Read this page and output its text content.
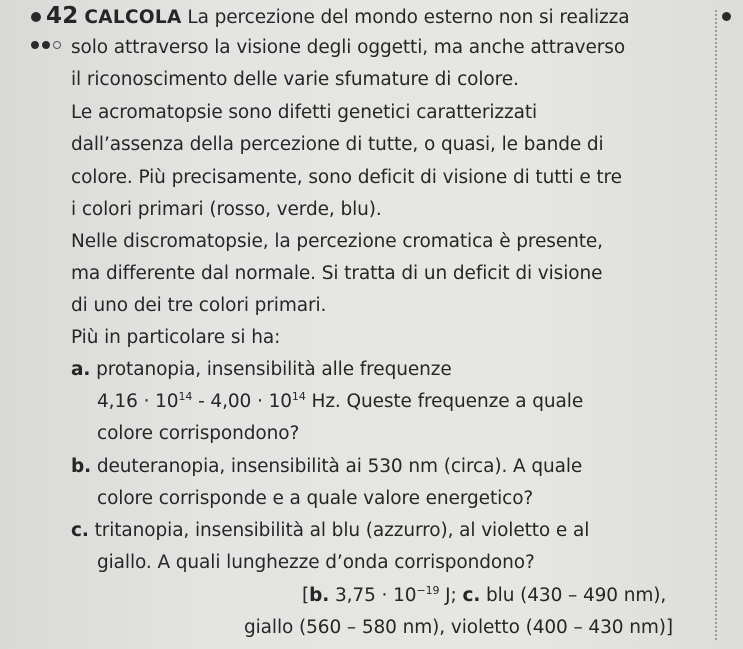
42 CALCOLA La percezione del mondo esterno non si realizza
solo attraverso la visione degli oggetti, ma anche attraverso
il riconoscimento delle varie sfumature di colore.
Le acromatopsie sono difetti genetici caratterizzati
dall’assenza della percezione di tutte, o quasi, le bande di
colore. Più precisamente, sono deficit di visione di tutti e tre
i colori primari (rosso, verde, blu).
Nelle discromatopsie, la percezione cromatica è presente,
ma differente dal normale. Si tratta di un deficit di visione
di uno dei tre colori primari.
Più in particolare si ha:
a. protanopia, insensibilità alle frequenze
$4,16 \cdot 10^{14} - 4,00 \cdot 10^{14}$ Hz. Queste frequenze a quale
colore corrispondono?
b. deuteranopia, insensibilità ai 530 nm (circa). A quale
colore corrisponde e a quale valore energetico?
c. tritanopia, insensibilità al blu (azzurro), al violetto e al
giallo. A quali lunghezze d’onda corrispondono?
[b. $3,75 \cdot 10^{-19}$ J; c. blu (430 – 490 nm),
giallo (560 – 580 nm), violetto (400 – 430 nm)]
